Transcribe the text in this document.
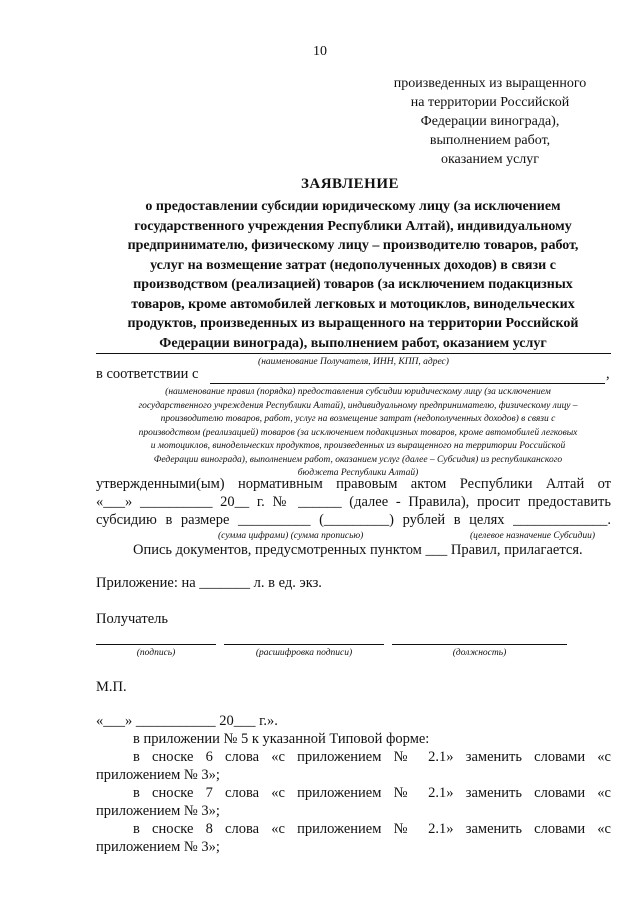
10
произведенных из выращенного
на территории Российской
Федерации винограда),
выполнением работ,
оказанием услуг
ЗАЯВЛЕНИЕ
о предоставлении субсидии юридическому лицу (за исключением
государственного учреждения Республики Алтай), индивидуальному
предпринимателю, физическому лицу – производителю товаров, работ,
услуг на возмещение затрат (недополученных доходов) в связи с
производством (реализацией) товаров (за исключением подакцизных
товаров, кроме автомобилей легковых и мотоциклов, винодельческих
продуктов, произведенных из выращенного на территории Российской
Федерации винограда), выполнением работ, оказанием услуг
(наименование Получателя, ИНН, КПП, адрес)
в соответствии с	,
(наименование правил (порядка) предоставления субсидии юридическому лицу (за исключением
государственного учреждения Республики Алтай), индивидуальному предпринимателю, физическому лицу –
производителю товаров, работ, услуг на возмещение затрат (недополученных доходов) в связи с
производством (реализацией) товаров (за исключением подакцизных товаров, кроме автомобилей легковых
и мотоциклов, винодельческих продуктов, произведенных из выращенного на территории Российской
Федерации винограда), выполнением работ, оказанием услуг (далее – Субсидия) из республиканского
бюджета Республики Алтай)
утвержденными(ым) нормативным правовым актом Республики Алтай от
«___» __________ 20__ г. № ______ (далее - Правила), просит предоставить
субсидию в размере __________ (_________) рублей в целях _____________.
(сумма цифрами) (сумма прописью)	(целевое назначение Субсидии)
Опись документов, предусмотренных пунктом ___ Правил, прилагается.
Приложение: на _______ л. в ед. экз.
Получатель
(подпись)	(расшифровка подписи)	(должность)
М.П.
«___» ___________ 20___ г.».
в приложении № 5 к указанной Типовой форме:
в сноске 6 слова «с приложением № 2.1» заменить словами «с
приложением № 3»;
в сноске 7 слова «с приложением № 2.1» заменить словами «с
приложением № 3»;
в сноске 8 слова «с приложением № 2.1» заменить словами «с
приложением № 3»;
